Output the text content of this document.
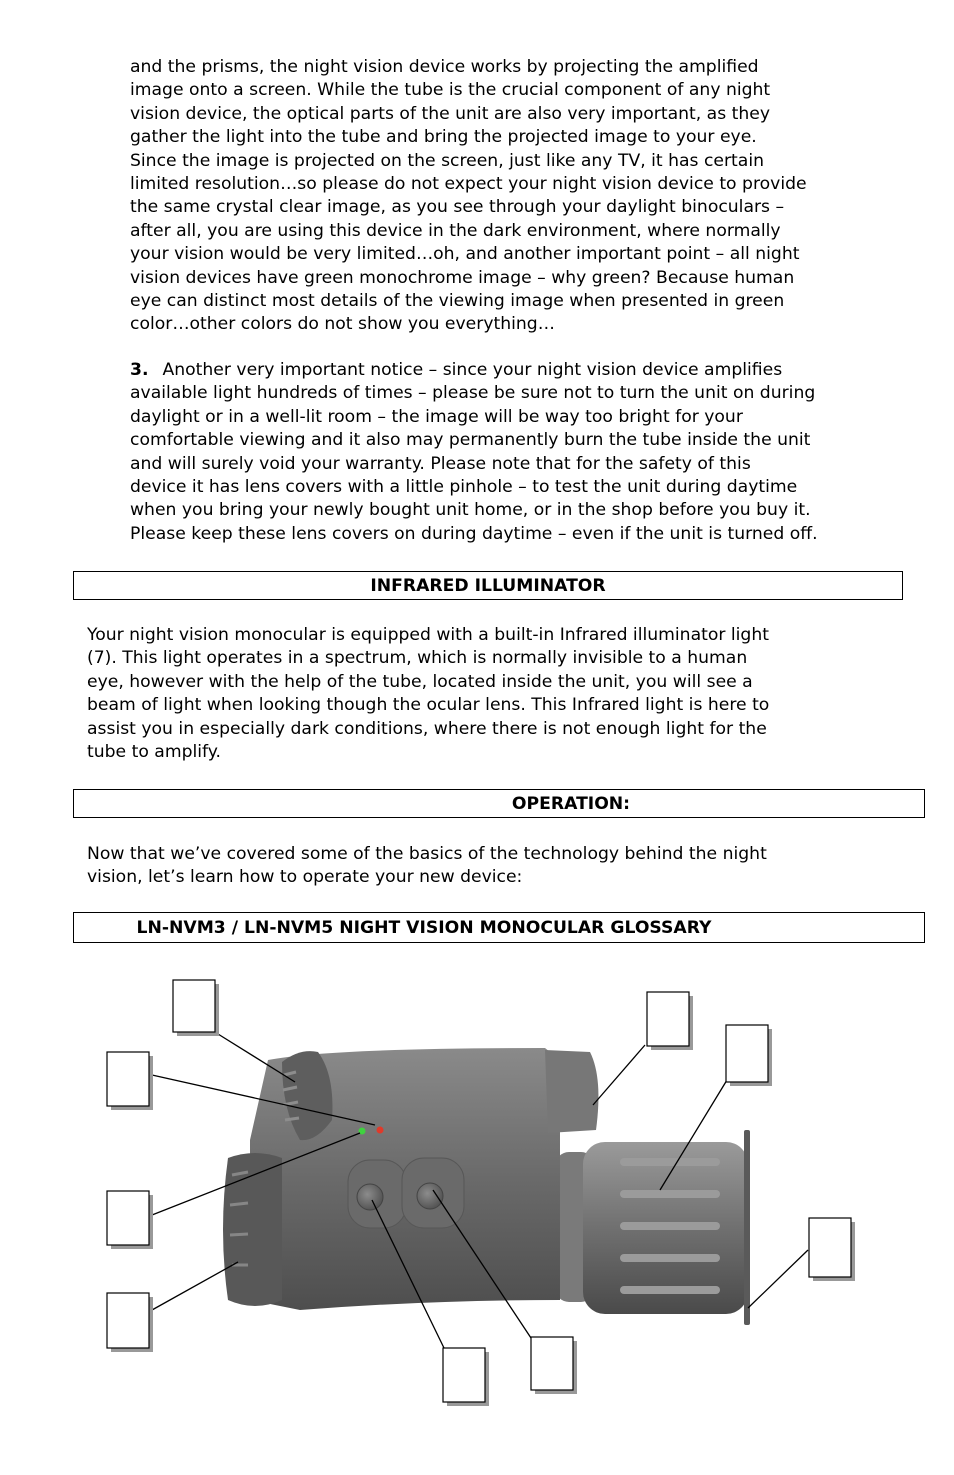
and the prisms, the night vision device works by projecting the amplified
image onto a screen. While the tube is the crucial component of any night
vision device, the optical parts of the unit are also very important, as they
gather the light into the tube and bring the projected image to your eye.
Since the image is projected on the screen, just like any TV, it has certain
limited resolution…so please do not expect your night vision device to provide
the same crystal clear image, as you see through your daylight binoculars –
after all, you are using this device in the dark environment, where normally
your vision would be very limited…oh, and another important point – all night
vision devices have green monochrome image – why green? Because human
eye can distinct most details of the viewing image when presented in green
color…other colors do not show you everything…

3. Another very important notice – since your night vision device amplifies
available light hundreds of times – please be sure not to turn the unit on during
daylight or in a well-lit room – the image will be way too bright for your
comfortable viewing and it also may permanently burn the tube inside the unit
and will surely void your warranty. Please note that for the safety of this
device it has lens covers with a little pinhole – to test the unit during daytime
when you bring your newly bought unit home, or in the shop before you buy it.
Please keep these lens covers on during daytime – even if the unit is turned off.

INFRARED ILLUMINATOR

Your night vision monocular is equipped with a built-in Infrared illuminator light
(7). This light operates in a spectrum, which is normally invisible to a human
eye, however with the help of the tube, located inside the unit, you will see a
beam of light when looking though the ocular lens. This Infrared light is here to
assist you in especially dark conditions, where there is not enough light for the
tube to amplify.

OPERATION:

Now that we’ve covered some of the basics of the technology behind the night
vision, let’s learn how to operate your new device:

LN-NVM3 / LN-NVM5 NIGHT VISION MONOCULAR GLOSSARY
